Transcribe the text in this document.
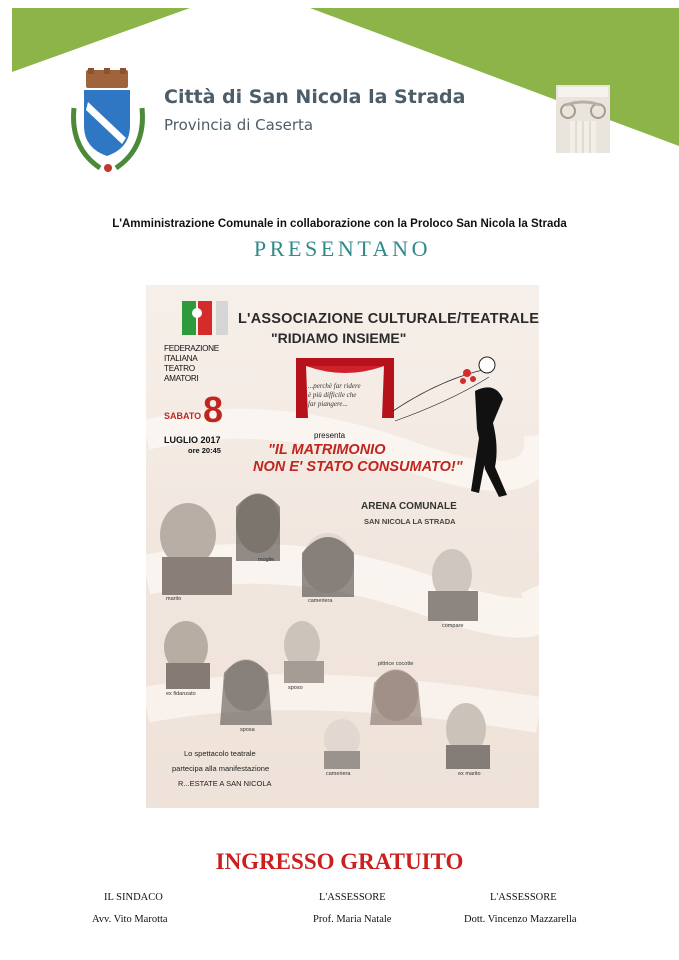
Città di San Nicola la Strada
Provincia di Caserta
L'Amministrazione Comunale in collaborazione con la Proloco San Nicola la Strada
PRESENTANO
FEDERAZIONE
ITALIANA
TEATRO
AMATORI
L'ASSOCIAZIONE CULTURALE/TEATRALE
"RIDIAMO INSIEME"
...perchè far ridere
è più difficile che
far piangere...
SABATO 8
LUGLIO 2017
ore 20:45
presenta
"IL MATRIMONIO
NON E' STATO CONSUMATO!"
ARENA COMUNALE
SAN NICOLA LA STRADA
marito
moglie
cameriera
compare
ex fidanzato
sposo
pittrice cocotte
sposa
cameriera	ex marito
Lo spettacolo teatrale
partecipa alla manifestazione
R...ESTATE A SAN NICOLA
INGRESSO GRATUITO
IL SINDACO
Avv. Vito Marotta
L'ASSESSORE
Prof. Maria Natale
L'ASSESSORE
Dott. Vincenzo Mazzarella
